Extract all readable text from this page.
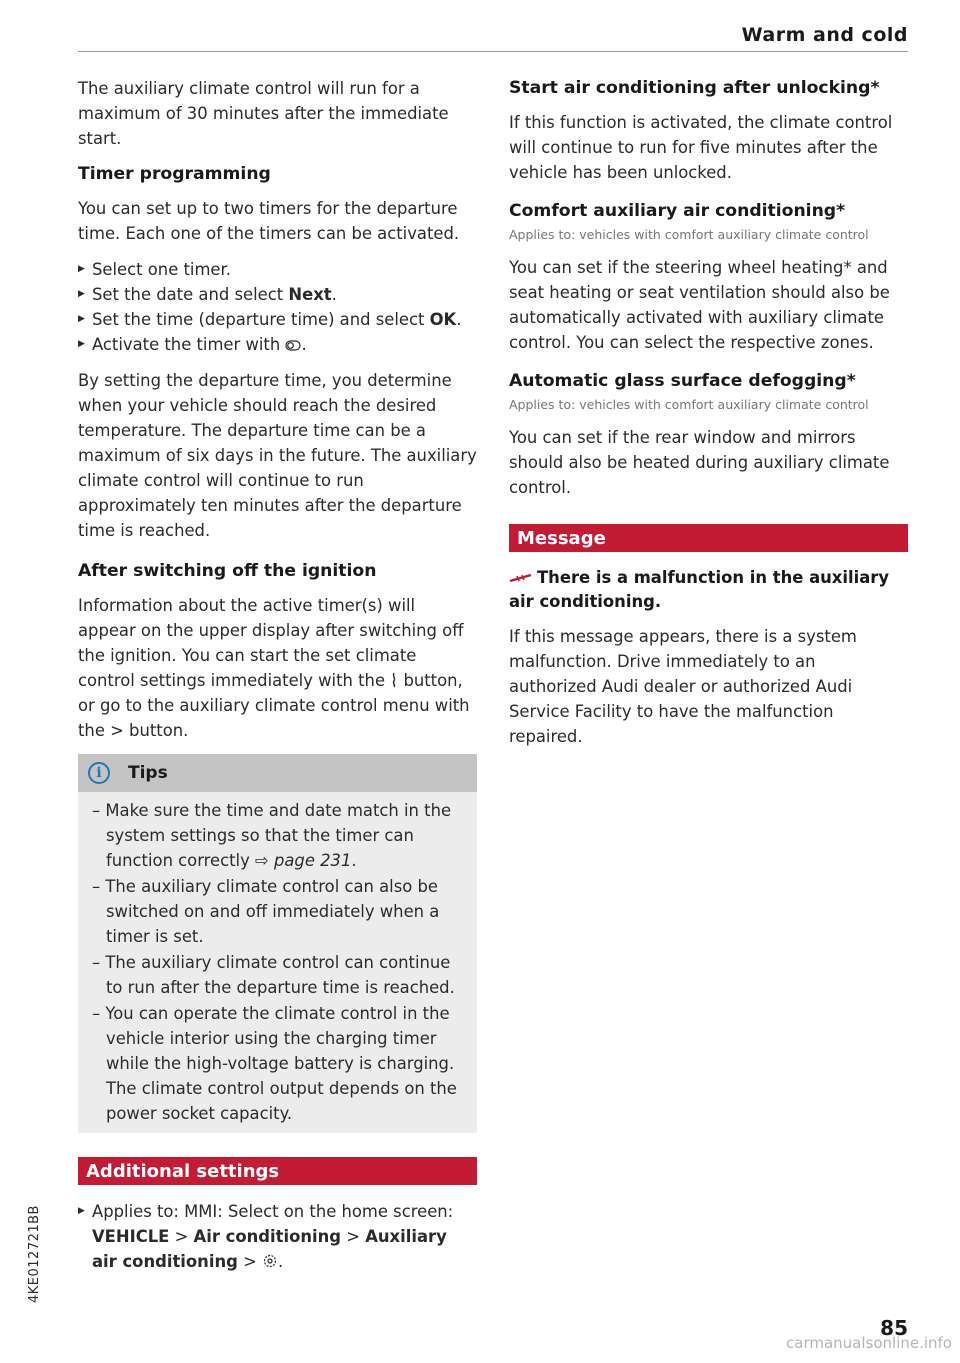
Warm and cold

The auxiliary climate control will run for a maximum of 30 minutes after the immediate start.

Timer programming

You can set up to two timers for the departure time. Each one of the timers can be activated.

▶ Select one timer.
▶ Set the date and select Next.
▶ Set the time (departure time) and select OK.
▶ Activate the timer with .

By setting the departure time, you determine when your vehicle should reach the desired temperature. The departure time can be a maximum of six days in the future. The auxiliary climate control will continue to run approximately ten minutes after the departure time is reached.

After switching off the ignition

Information about the active timer(s) will appear on the upper display after switching off the ignition. You can start the set climate control settings immediately with the  button, or go to the auxiliary climate control menu with the > button.

i	Tips
– Make sure the time and date match in the system settings so that the timer can function correctly ⇨ page 231.
– The auxiliary climate control can also be switched on and off immediately when a timer is set.
– The auxiliary climate control can continue to run after the departure time is reached.
– You can operate the climate control in the vehicle interior using the charging timer while the high-voltage battery is charging. The climate control output depends on the power socket capacity.
Additional settings
▶ Applies to: MMI: Select on the home screen: VEHICLE > Air conditioning > Auxiliary air conditioning > .
Start air conditioning after unlocking*

If this function is activated, the climate control will continue to run for five minutes after the vehicle has been unlocked.

Comfort auxiliary air conditioning*
Applies to: vehicles with comfort auxiliary climate control

You can set if the steering wheel heating* and seat heating or seat ventilation should also be automatically activated with auxiliary climate control. You can select the respective zones.

Automatic glass surface defogging*
Applies to: vehicles with comfort auxiliary climate control

You can set if the rear window and mirrors should also be heated during auxiliary climate control.

Message
There is a malfunction in the auxiliary air conditioning.

If this message appears, there is a system malfunction. Drive immediately to an authorized Audi dealer or authorized Audi Service Facility to have the malfunction repaired.

85
4KE012721BB
carmanualsonline.info
